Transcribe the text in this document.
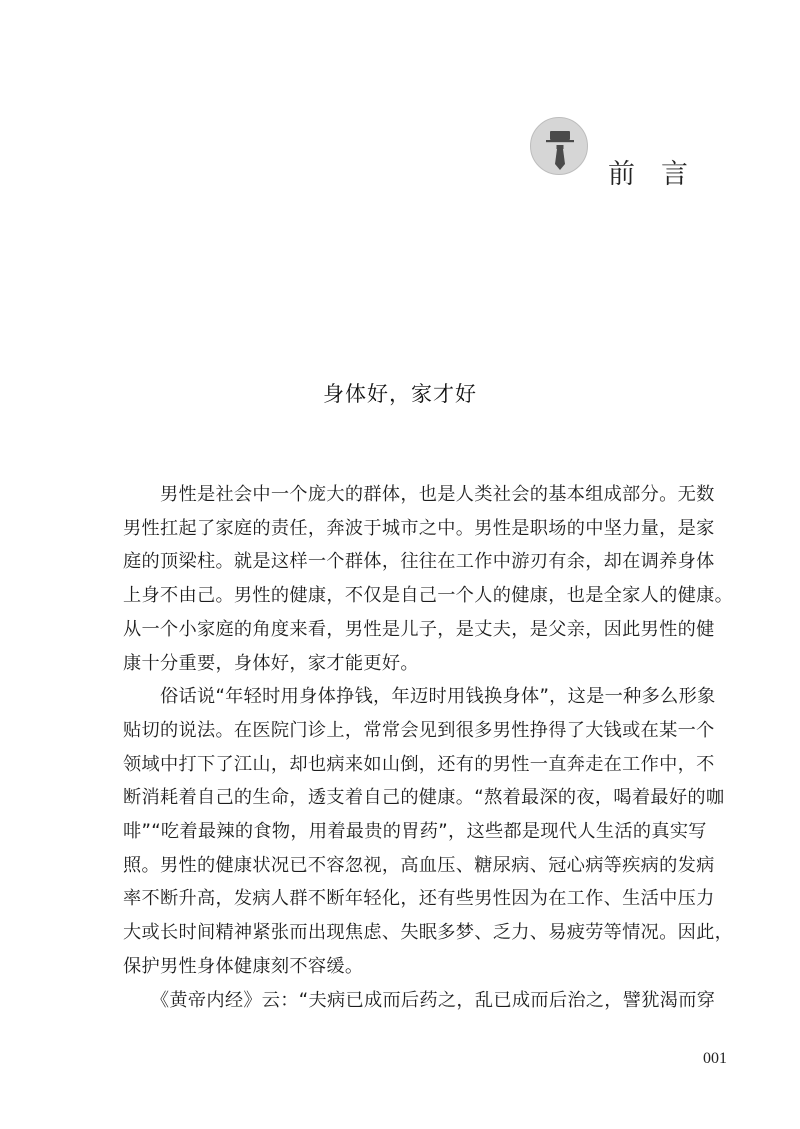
前言
身体好，家才好

　　男性是社会中一个庞大的群体，也是人类社会的基本组成部分。无数
男性扛起了家庭的责任，奔波于城市之中。男性是职场的中坚力量，是家
庭的顶梁柱。就是这样一个群体，往往在工作中游刃有余，却在调养身体
上身不由己。男性的健康，不仅是自己一个人的健康，也是全家人的健康。
从一个小家庭的角度来看，男性是儿子，是丈夫，是父亲，因此男性的健
康十分重要，身体好，家才能更好。

　　俗话说“年轻时用身体挣钱，年迈时用钱换身体”，这是一种多么形象
贴切的说法。在医院门诊上，常常会见到很多男性挣得了大钱或在某一个
领域中打下了江山，却也病来如山倒，还有的男性一直奔走在工作中，不
断消耗着自己的生命，透支着自己的健康。“熬着最深的夜，喝着最好的咖
啡”“吃着最辣的食物，用着最贵的胃药”，这些都是现代人生活的真实写
照。男性的健康状况已不容忽视，高血压、糖尿病、冠心病等疾病的发病
率不断升高，发病人群不断年轻化，还有些男性因为在工作、生活中压力
大或长时间精神紧张而出现焦虑、失眠多梦、乏力、易疲劳等情况。因此，
保护男性身体健康刻不容缓。

　　《黄帝内经》云：“夫病已成而后药之，乱已成而后治之，譬犹渴而穿

001
